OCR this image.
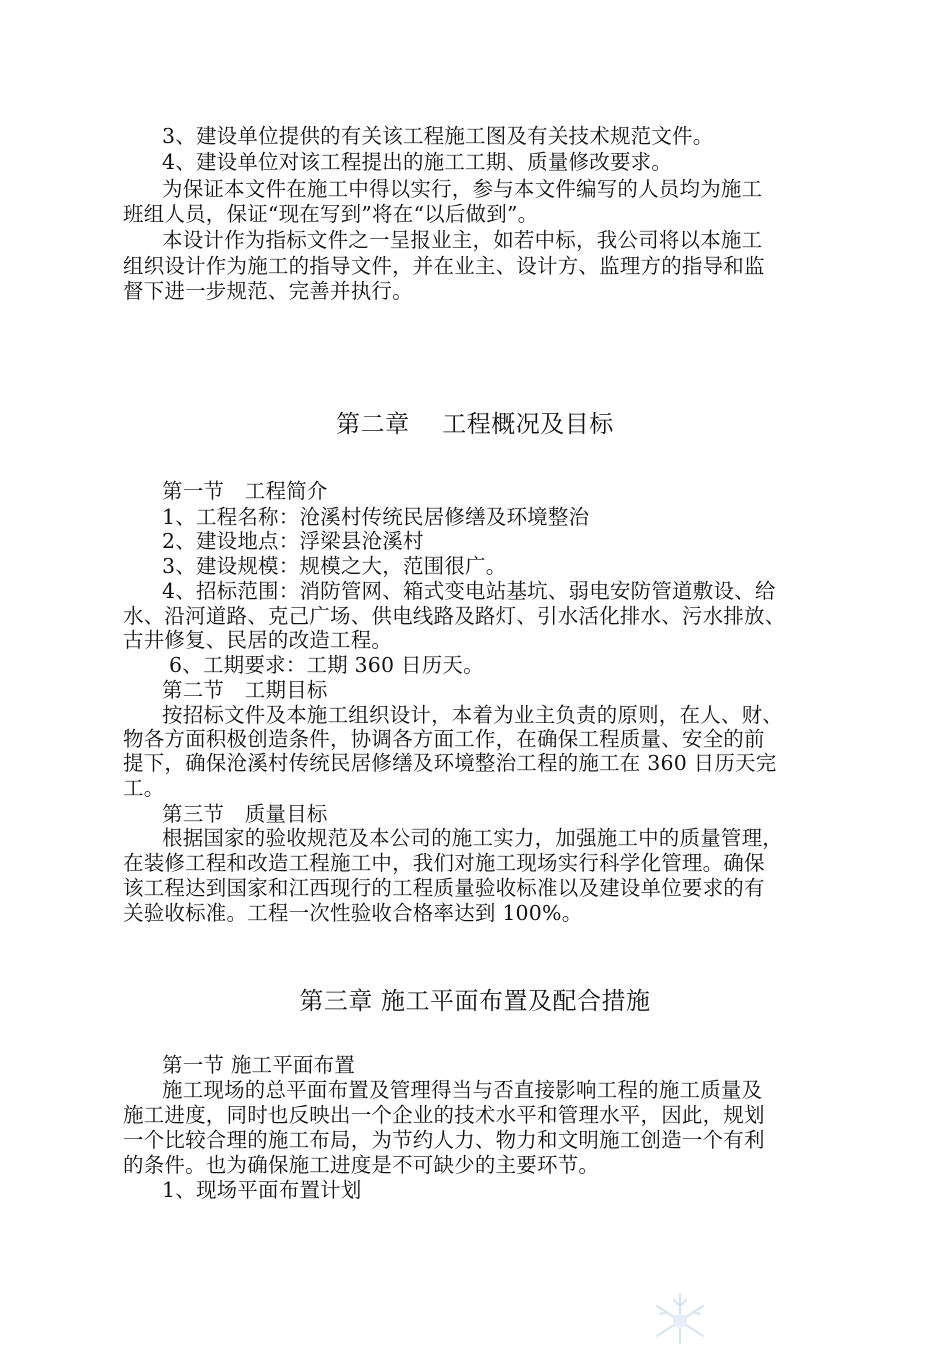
3、建设单位提供的有关该工程施工图及有关技术规范文件。
4、建设单位对该工程提出的施工工期、质量修改要求。
为保证本文件在施工中得以实行，参与本文件编写的人员均为施工
班组人员，保证“现在写到”将在“以后做到”。
本设计作为指标文件之一呈报业主，如若中标，我公司将以本施工
组织设计作为施工的指导文件，并在业主、设计方、监理方的指导和监
督下进一步规范、完善并执行。
第二章　 工程概况及目标
第一节　工程简介
1、工程名称：沧溪村传统民居修缮及环境整治
2、建设地点：浮梁县沧溪村
3、建设规模：规模之大，范围很广。
4、招标范围：消防管网、箱式变电站基坑、弱电安防管道敷设、给
水、沿河道路、克己广场、供电线路及路灯、引水活化排水、污水排放、
古井修复、民居的改造工程。
6、工期要求：工期 360 日历天。
第二节　工期目标
按招标文件及本施工组织设计，本着为业主负责的原则，在人、财、
物各方面积极创造条件，协调各方面工作，在确保工程质量、安全的前
提下，确保沧溪村传统民居修缮及环境整治工程的施工在 360 日历天完
工。
第三节　质量目标
根据国家的验收规范及本公司的施工实力，加强施工中的质量管理，
在装修工程和改造工程施工中，我们对施工现场实行科学化管理。确保
该工程达到国家和江西现行的工程质量验收标准以及建设单位要求的有
关验收标准。工程一次性验收合格率达到 100%。
第三章 施工平面布置及配合措施
第一节 施工平面布置
施工现场的总平面布置及管理得当与否直接影响工程的施工质量及
施工进度，同时也反映出一个企业的技术水平和管理水平，因此，规划
一个比较合理的施工布局，为节约人力、物力和文明施工创造一个有利
的条件。也为确保施工进度是不可缺少的主要环节。
1、现场平面布置计划
